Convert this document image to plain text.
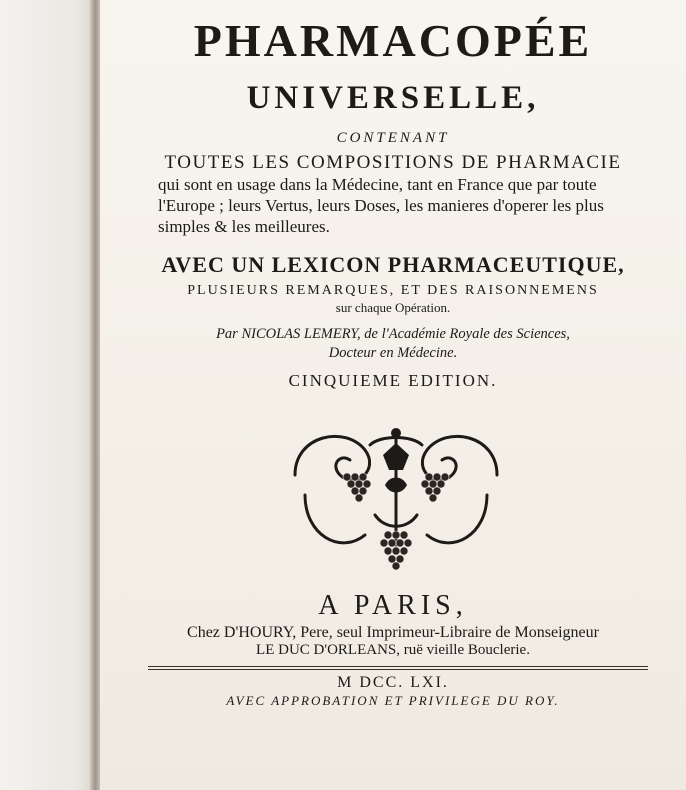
PHARMACOPÉE
UNIVERSELLE,
CONTENANT
TOUTES LES COMPOSITIONS DE PHARMACIE
qui sont en usage dans la Médecine, tant en France que par toute
l'Europe ; leurs Vertus, leurs Doses, les manieres d'operer les plus
simples & les meilleures.
AVEC UN LEXICON PHARMACEUTIQUE,
PLUSIEURS REMARQUES, ET DES RAISONNEMENS
sur chaque Opération.
Par NICOLAS LEMERY, de l'Académie Royale des Sciences,
Docteur en Médecine.
CINQUIEME EDITION.
A PARIS,
Chez D'HOURY, Pere, seul Imprimeur-Libraire de Monseigneur
LE DUC D'ORLEANS, ruë vieille Bouclerie.
M DCC. LXI.
AVEC APPROBATION ET PRIVILEGE DU ROY.
